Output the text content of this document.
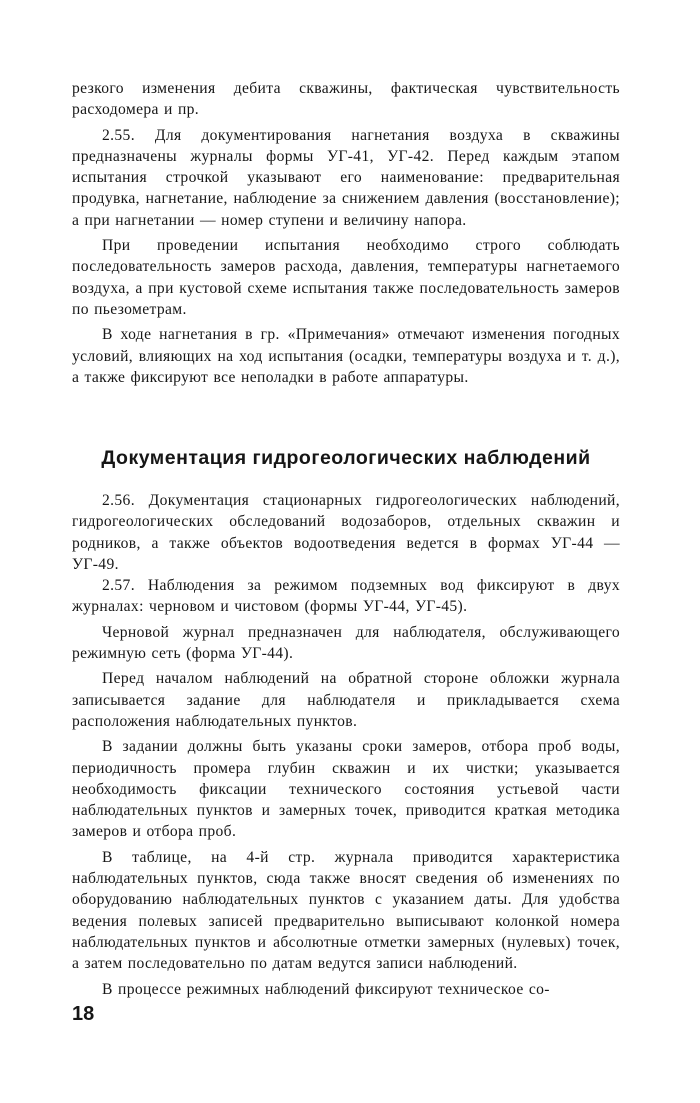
резкого изменения дебита скважины, фактическая чувствительность расходомера и пр.

2.55. Для документирования нагнетания воздуха в скважины предназначены журналы формы УГ-41, УГ-42. Перед каждым этапом испытания строчкой указывают его наименование: предварительная продувка, нагнетание, наблюдение за снижением давления (восстановление); а при нагнетании — номер ступени и величину напора.

При проведении испытания необходимо строго соблюдать последовательность замеров расхода, давления, температуры нагнетаемого воздуха, а при кустовой схеме испытания также последовательность замеров по пьезометрам.

В ходе нагнетания в гр. «Примечания» отмечают изменения погодных условий, влияющих на ход испытания (осадки, температуры воздуха и т. д.), а также фиксируют все неполадки в работе аппаратуры.

Документация гидрогеологических наблюдений

2.56. Документация стационарных гидрогеологических наблюдений, гидрогеологических обследований водозаборов, отдельных скважин и родников, а также объектов водоотведения ведется в формах УГ-44 — УГ-49.

2.57. Наблюдения за режимом подземных вод фиксируют в двух журналах: черновом и чистовом (формы УГ-44, УГ-45).

Черновой журнал предназначен для наблюдателя, обслуживающего режимную сеть (форма УГ-44).

Перед началом наблюдений на обратной стороне обложки журнала записывается задание для наблюдателя и прикладывается схема расположения наблюдательных пунктов.

В задании должны быть указаны сроки замеров, отбора проб воды, периодичность промера глубин скважин и их чистки; указывается необходимость фиксации технического состояния устьевой части наблюдательных пунктов и замерных точек, приводится краткая методика замеров и отбора проб.

В таблице, на 4-й стр. журнала приводится характеристика наблюдательных пунктов, сюда также вносят сведения об изменениях по оборудованию наблюдательных пунктов с указанием даты. Для удобства ведения полевых записей предварительно выписывают колонкой номера наблюдательных пунктов и абсолютные отметки замерных (нулевых) точек, а затем последовательно по датам ведутся записи наблюдений.

В процессе режимных наблюдений фиксируют техническое со-

18
